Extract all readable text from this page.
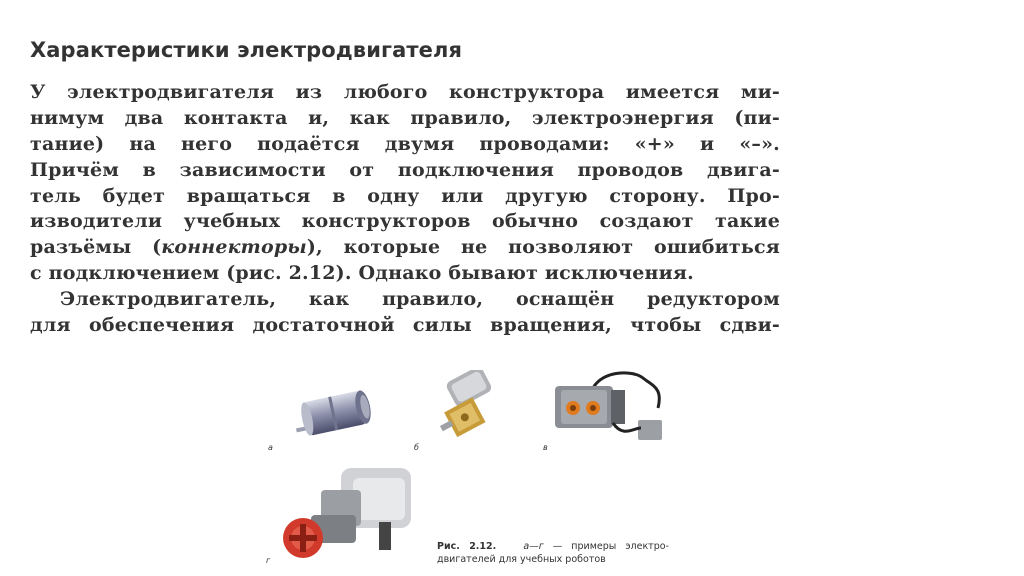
Характеристики электродвигателя
У электродвигателя из любого конструктора имеется ми-
нимум два контакта и, как правило, электроэнергия (пи-
тание) на него подаётся двумя проводами: «+» и «–».
Причём в зависимости от подключения проводов двига-
тель будет вращаться в одну или другую сторону. Про-
изводители учебных конструкторов обычно создают такие
разъёмы (коннекторы), которые не позволяют ошибиться
с подключением (рис. 2.12). Однако бывают исключения.
Электродвигатель, как правило, оснащён редуктором
для обеспечения достаточной силы вращения, чтобы сдви-
а	б	в
г
Рис. 2.12.	а—г — примеры электро-
двигателей для учебных роботов
